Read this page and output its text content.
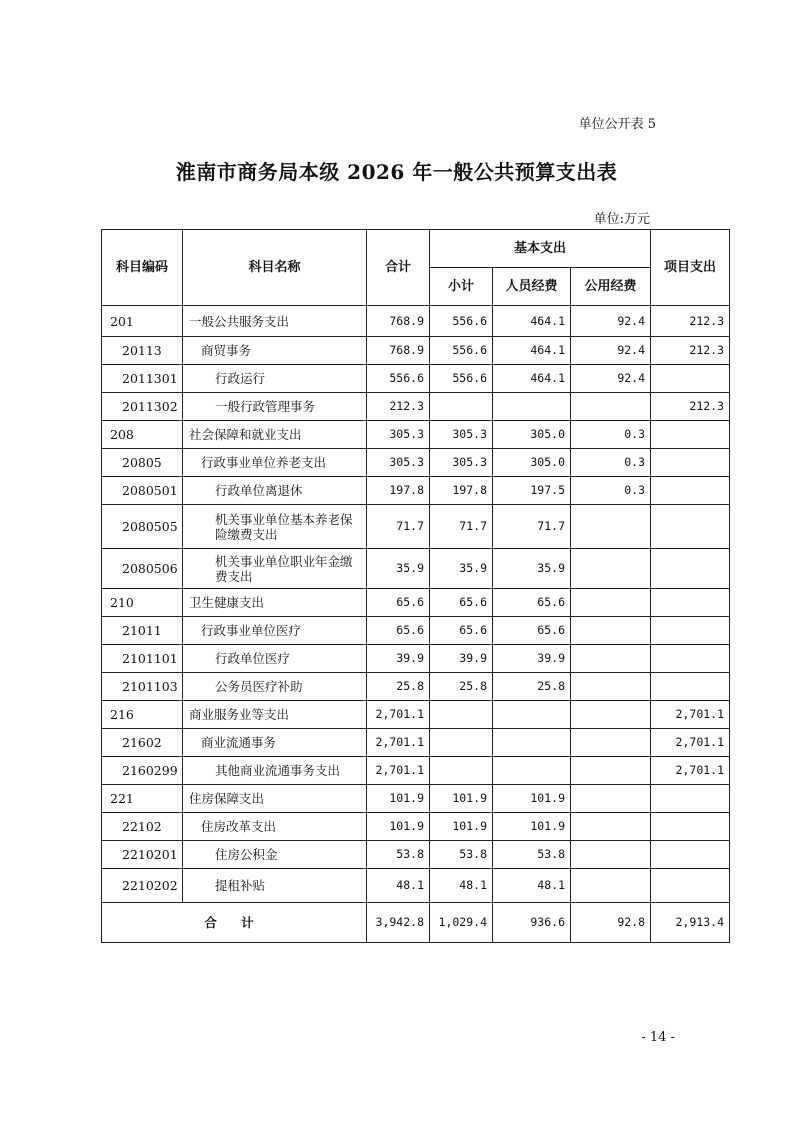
单位公开表 5
淮南市商务局本级 2026 年一般公共预算支出表
单位:万元
科目编码	科目名称	合计	基本支出			项目支出
			小计	人员经费	公用经费	
201	一般公共服务支出	768.9	556.6	464.1	92.4	212.3
20113	商贸事务	768.9	556.6	464.1	92.4	212.3
2011301	行政运行	556.6	556.6	464.1	92.4	
2011302	一般行政管理事务	212.3				212.3
208	社会保障和就业支出	305.3	305.3	305.0	0.3	
20805	行政事业单位养老支出	305.3	305.3	305.0	0.3	
2080501	行政单位离退休	197.8	197.8	197.5	0.3	
2080505	机关事业单位基本养老保险缴费支出	71.7	71.7	71.7		
2080506	机关事业单位职业年金缴费支出	35.9	35.9	35.9		
210	卫生健康支出	65.6	65.6	65.6		
21011	行政事业单位医疗	65.6	65.6	65.6		
2101101	行政单位医疗	39.9	39.9	39.9		
2101103	公务员医疗补助	25.8	25.8	25.8		
216	商业服务业等支出	2,701.1				2,701.1
21602	商业流通事务	2,701.1				2,701.1
2160299	其他商业流通事务支出	2,701.1				2,701.1
221	住房保障支出	101.9	101.9	101.9		
22102	住房改革支出	101.9	101.9	101.9		
2210201	住房公积金	53.8	53.8	53.8		
2210202	提租补贴	48.1	48.1	48.1		
合 计		3,942.8	1,029.4	936.6	92.8	2,913.4
- 14 -
